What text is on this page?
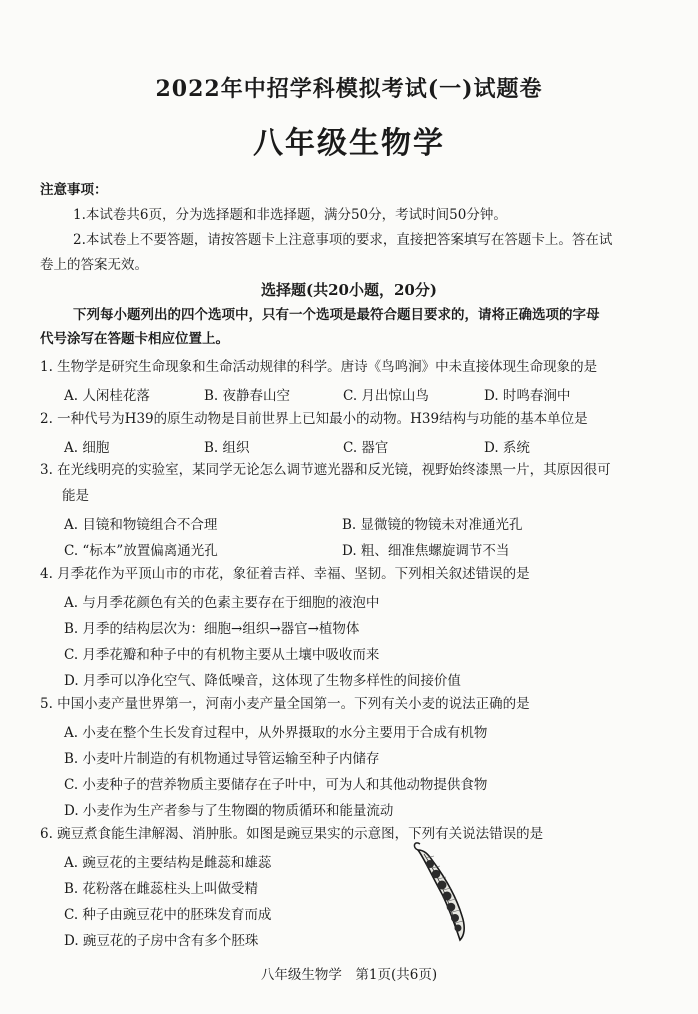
2022年中招学科模拟考试(一)试题卷
八年级生物学
注意事项：
1.本试卷共6页，分为选择题和非选择题，满分50分，考试时间50分钟。
2.本试卷上不要答题，请按答题卡上注意事项的要求，直接把答案填写在答题卡上。答在试
卷上的答案无效。
选择题(共20小题，20分)
下列每小题列出的四个选项中，只有一个选项是最符合题目要求的，请将正确选项的字母
代号涂写在答题卡相应位置上。
1. 生物学是研究生命现象和生命活动规律的科学。唐诗《鸟鸣涧》中未直接体现生命现象的是
A. 人闲桂花落	B. 夜静春山空	C. 月出惊山鸟	D. 时鸣春涧中
2. 一种代号为H39的原生动物是目前世界上已知最小的动物。H39结构与功能的基本单位是
A. 细胞	B. 组织	C. 器官	D. 系统
3. 在光线明亮的实验室，某同学无论怎么调节遮光器和反光镜，视野始终漆黑一片，其原因很可
能是
A. 目镜和物镜组合不合理	B. 显微镜的物镜未对准通光孔
C. “标本”放置偏离通光孔	D. 粗、细准焦螺旋调节不当
4. 月季花作为平顶山市的市花，象征着吉祥、幸福、坚韧。下列相关叙述错误的是
A. 与月季花颜色有关的色素主要存在于细胞的液泡中
B. 月季的结构层次为：细胞→组织→器官→植物体
C. 月季花瓣和种子中的有机物主要从土壤中吸收而来
D. 月季可以净化空气、降低噪音，这体现了生物多样性的间接价值
5. 中国小麦产量世界第一，河南小麦产量全国第一。下列有关小麦的说法正确的是
A. 小麦在整个生长发育过程中，从外界摄取的水分主要用于合成有机物
B. 小麦叶片制造的有机物通过导管运输至种子内储存
C. 小麦种子的营养物质主要储存在子叶中，可为人和其他动物提供食物
D. 小麦作为生产者参与了生物圈的物质循环和能量流动
6. 豌豆煮食能生津解渴、消肿胀。如图是豌豆果实的示意图，下列有关说法错误的是
A. 豌豆花的主要结构是雌蕊和雄蕊
B. 花粉落在雌蕊柱头上叫做受精
C. 种子由豌豆花中的胚珠发育而成
D. 豌豆花的子房中含有多个胚珠
八年级生物学　第1页(共6页)
